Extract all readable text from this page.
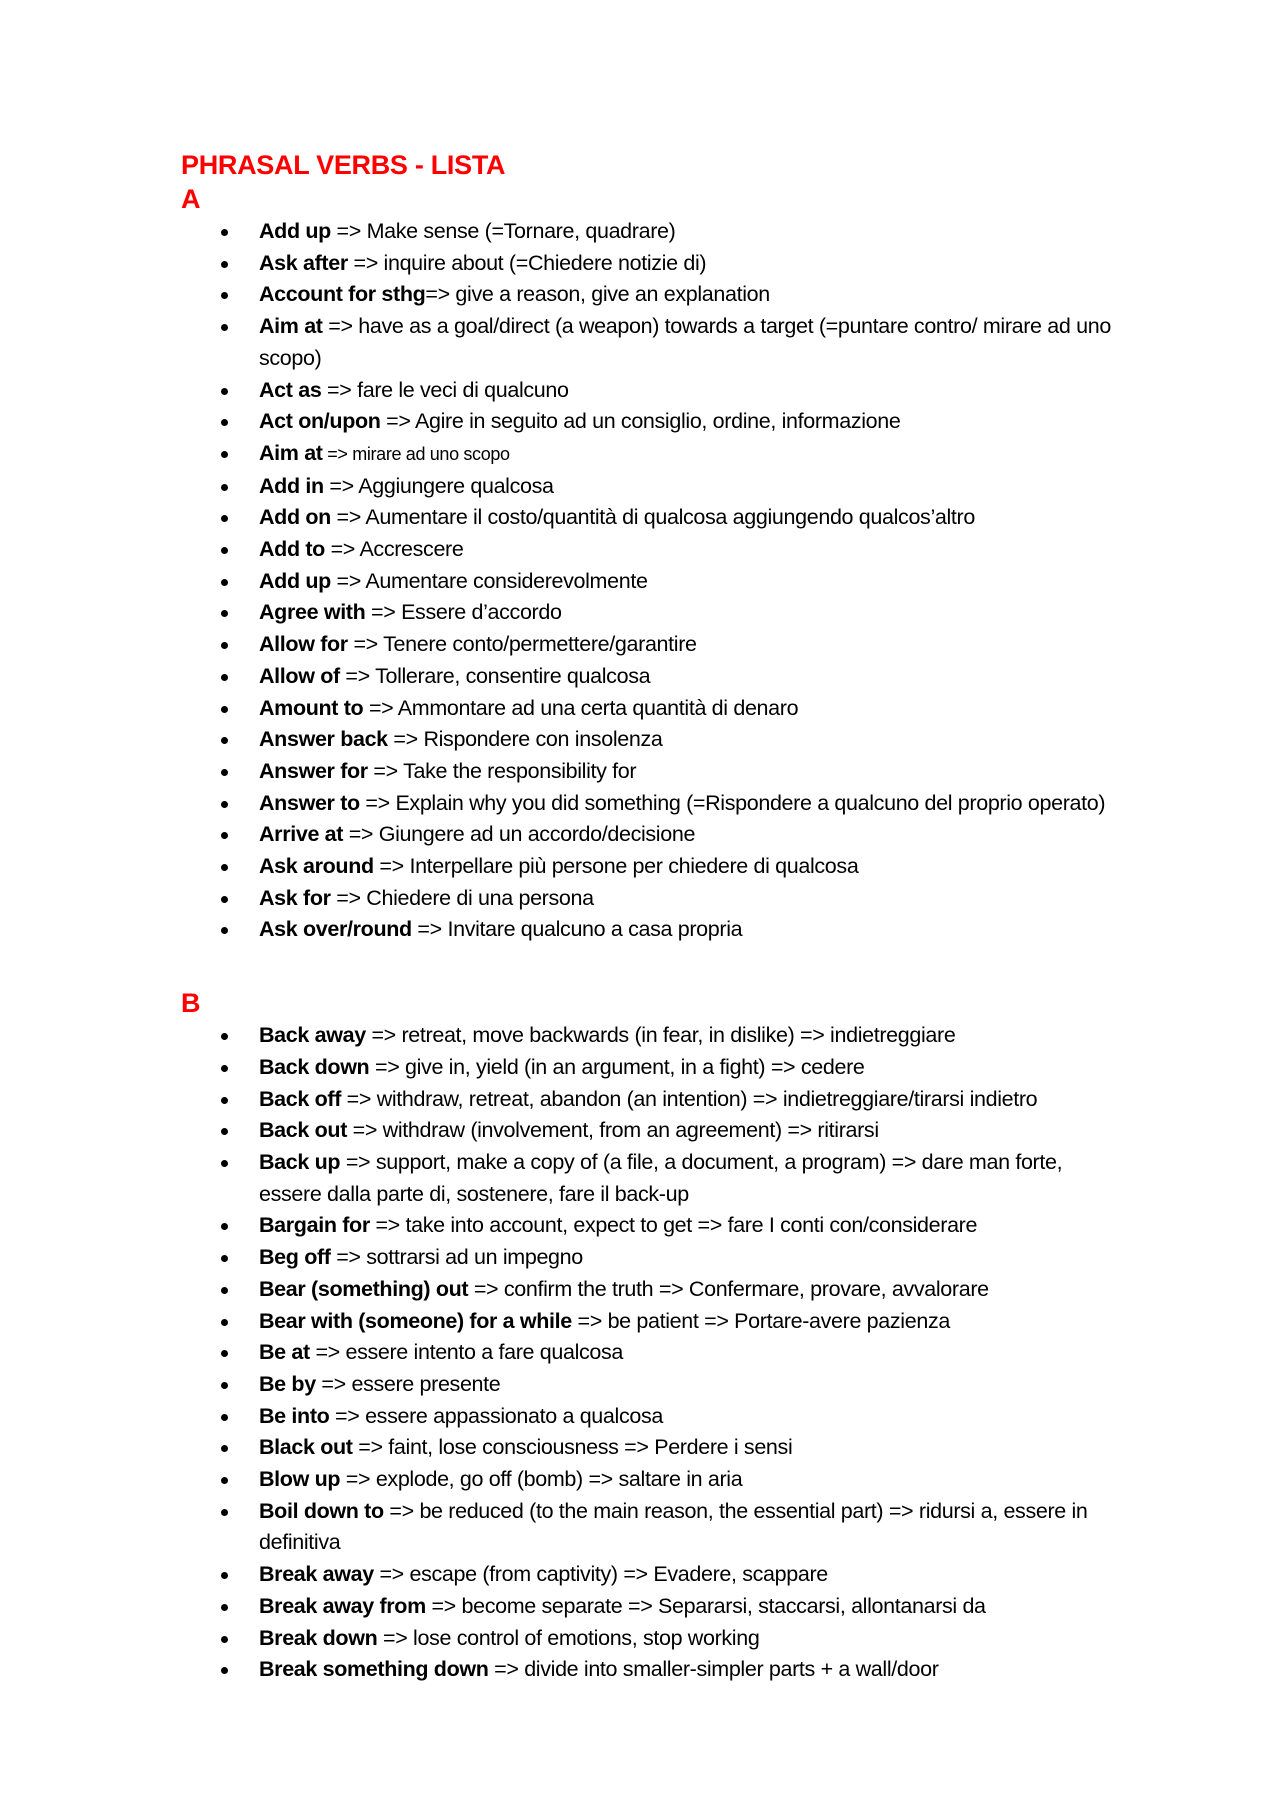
PHRASAL VERBS - LISTA
A
Add up => Make sense (=Tornare, quadrare)
Ask after => inquire about (=Chiedere notizie di)
Account for sthg=> give a reason, give an explanation
Aim at => have as a goal/direct (a weapon) towards a target (=puntare contro/ mirare ad uno scopo)
Act as => fare le veci di qualcuno
Act on/upon => Agire in seguito ad un consiglio, ordine, informazione
Aim at => mirare ad uno scopo
Add in => Aggiungere qualcosa
Add on => Aumentare il costo/quantità di qualcosa aggiungendo qualcos’altro
Add to => Accrescere
Add up => Aumentare considerevolmente
Agree with => Essere d’accordo
Allow for => Tenere conto/permettere/garantire
Allow of => Tollerare, consentire qualcosa
Amount to => Ammontare ad una certa quantità di denaro
Answer back => Rispondere con insolenza
Answer for => Take the responsibility for
Answer to => Explain why you did something (=Rispondere a qualcuno del proprio operato)
Arrive at => Giungere ad un accordo/decisione
Ask around => Interpellare più persone per chiedere di qualcosa
Ask for => Chiedere di una persona
Ask over/round => Invitare qualcuno a casa propria
B
Back away => retreat, move backwards (in fear, in dislike) => indietreggiare
Back down => give in, yield (in an argument, in a fight) => cedere
Back off => withdraw, retreat, abandon (an intention) => indietreggiare/tirarsi indietro
Back out => withdraw (involvement, from an agreement) => ritirarsi
Back up => support, make a copy of (a file, a document, a program) => dare man forte, essere dalla parte di, sostenere, fare il back-up
Bargain for => take into account, expect to get => fare I conti con/considerare
Beg off => sottrarsi ad un impegno
Bear (something) out => confirm the truth => Confermare, provare, avvalorare
Bear with (someone) for a while => be patient => Portare-avere pazienza
Be at => essere intento a fare qualcosa
Be by => essere presente
Be into => essere appassionato a qualcosa
Black out => faint, lose consciousness => Perdere i sensi
Blow up => explode, go off (bomb) => saltare in aria
Boil down to => be reduced (to the main reason, the essential part) => ridursi a, essere in definitiva
Break away => escape (from captivity) => Evadere, scappare
Break away from => become separate => Separarsi, staccarsi, allontanarsi da
Break down => lose control of emotions, stop working
Break something down => divide into smaller-simpler parts + a wall/door
